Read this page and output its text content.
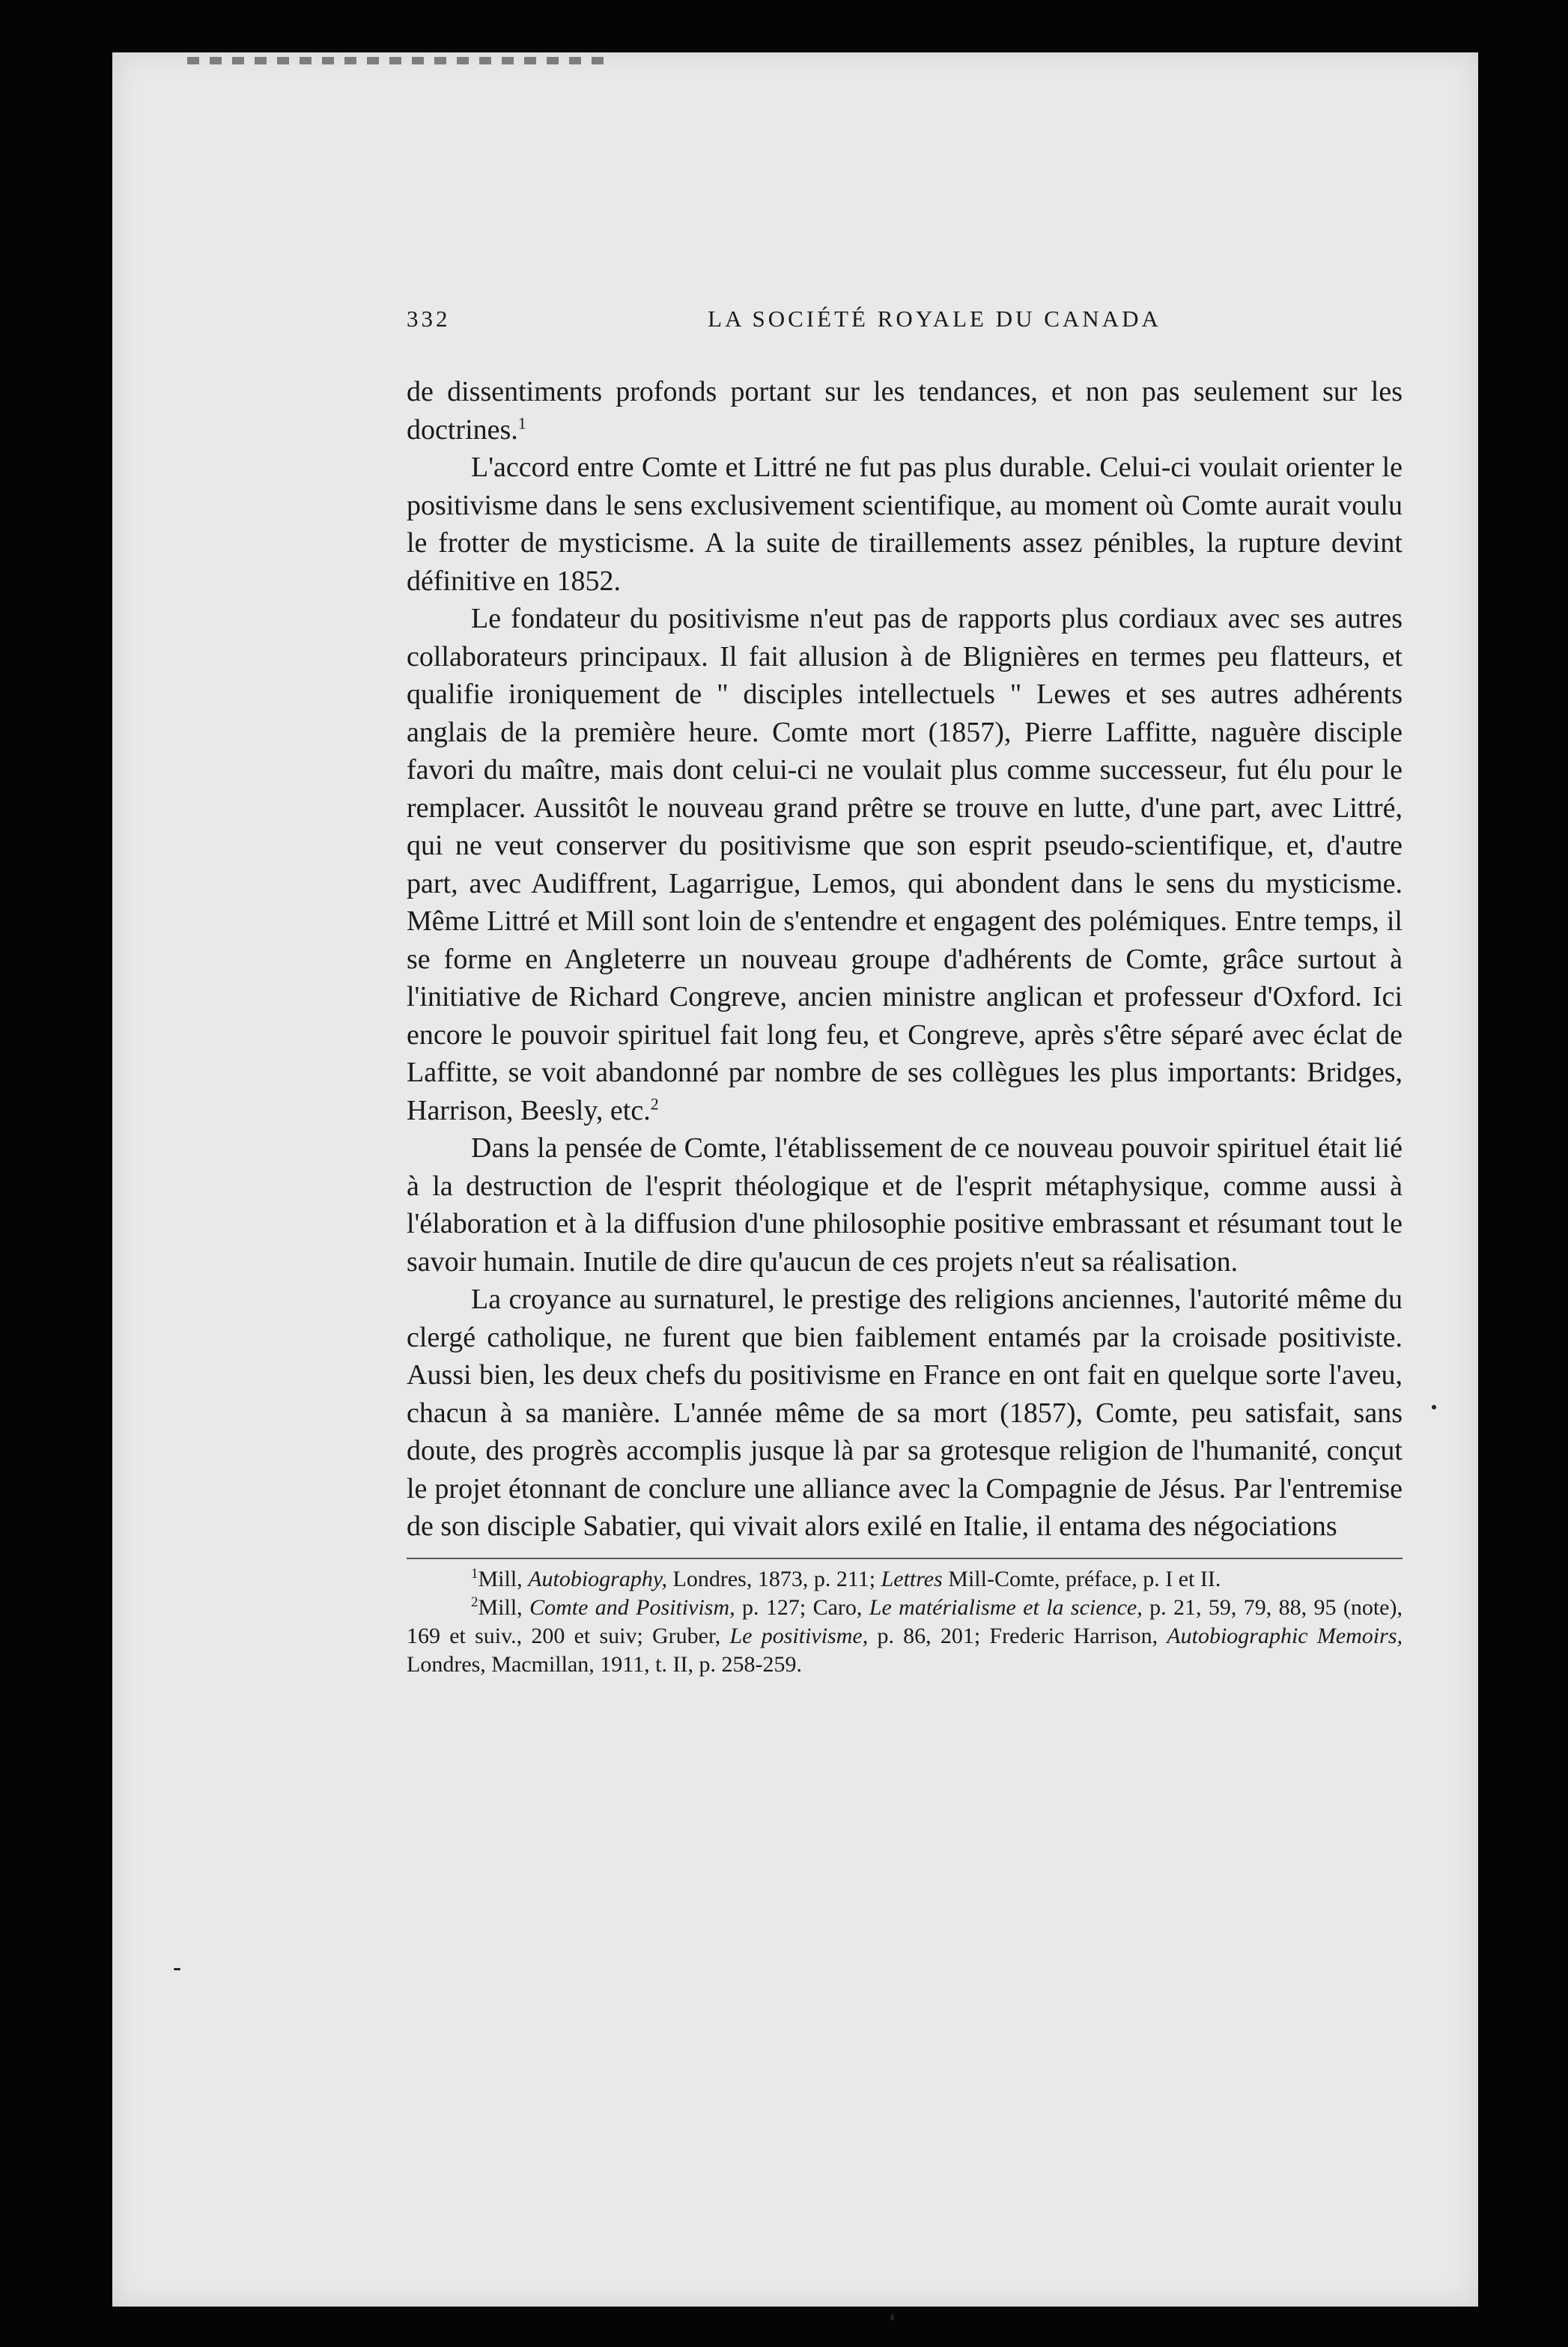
332	LA SOCIÉTÉ ROYALE DU CANADA

de dissentiments profonds portant sur les tendances, et non pas seulement sur les doctrines.$^1$

L'accord entre Comte et Littré ne fut pas plus durable. Celui-ci voulait orienter le positivisme dans le sens exclusivement scientifique, au moment où Comte aurait voulu le frotter de mysticisme. A la suite de tiraillements assez pénibles, la rupture devint définitive en 1852.

Le fondateur du positivisme n'eut pas de rapports plus cordiaux avec ses autres collaborateurs principaux. Il fait allusion à de Blignières en termes peu flatteurs, et qualifie ironiquement de " disciples intellectuels " Lewes et ses autres adhérents anglais de la première heure. Comte mort (1857), Pierre Laffitte, naguère disciple favori du maître, mais dont celui-ci ne voulait plus comme successeur, fut élu pour le remplacer. Aussitôt le nouveau grand prêtre se trouve en lutte, d'une part, avec Littré, qui ne veut conserver du positivisme que son esprit pseudo-scientifique, et, d'autre part, avec Audiffrent, Lagarrigue, Lemos, qui abondent dans le sens du mysticisme. Même Littré et Mill sont loin de s'entendre et engagent des polémiques. Entre temps, il se forme en Angleterre un nouveau groupe d'adhérents de Comte, grâce surtout à l'initiative de Richard Congreve, ancien ministre anglican et professeur d'Oxford. Ici encore le pouvoir spirituel fait long feu, et Congreve, après s'être séparé avec éclat de Laffitte, se voit abandonné par nombre de ses collègues les plus importants: Bridges, Harrison, Beesly, etc.$^2$

Dans la pensée de Comte, l'établissement de ce nouveau pouvoir spirituel était lié à la destruction de l'esprit théologique et de l'esprit métaphysique, comme aussi à l'élaboration et à la diffusion d'une philosophie positive embrassant et résumant tout le savoir humain. Inutile de dire qu'aucun de ces projets n'eut sa réalisation.

La croyance au surnaturel, le prestige des religions anciennes, l'autorité même du clergé catholique, ne furent que bien faiblement entamés par la croisade positiviste. Aussi bien, les deux chefs du positivisme en France en ont fait en quelque sorte l'aveu, chacun à sa manière. L'année même de sa mort (1857), Comte, peu satisfait, sans doute, des progrès accomplis jusque là par sa grotesque religion de l'humanité, conçut le projet étonnant de conclure une alliance avec la Compagnie de Jésus. Par l'entremise de son disciple Sabatier, qui vivait alors exilé en Italie, il entama des négociations

$^1$Mill, Autobiography, Londres, 1873, p. 211; Lettres Mill-Comte, préface, p. I et II.

$^2$Mill, Comte and Positivism, p. 127; Caro, Le matérialisme et la science, p. 21, 59, 79, 88, 95 (note), 169 et suiv., 200 et suiv; Gruber, Le positivisme, p. 86, 201; Frederic Harrison, Autobiographic Memoirs, Londres, Macmillan, 1911, t. II, p. 258-259.
